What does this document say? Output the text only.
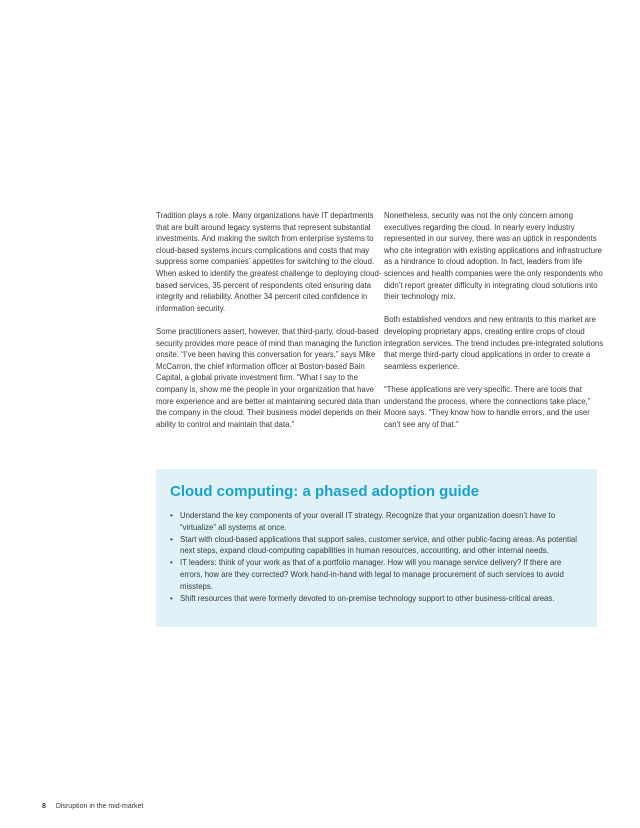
Tradition plays a role. Many organizations have IT departments that are built around legacy systems that represent substantial investments. And making the switch from enterprise systems to cloud-based systems incurs complications and costs that may suppress some companies’ appetites for switching to the cloud. When asked to identify the greatest challenge to deploying cloud-based services, 35 percent of respondents cited ensuring data integrity and reliability. Another 34 percent cited confidence in information security.

Some practitioners assert, however, that third-party, cloud-based security provides more peace of mind than managing the function onsite. “I’ve been having this conversation for years,” says Mike McCarron, the chief information officer at Boston-based Bain Capital, a global private investment firm. “What I say to the company is, show me the people in your organization that have more experience and are better at maintaining secured data than the company in the cloud. Their business model depends on their ability to control and maintain that data.”

Nonetheless, security was not the only concern among executives regarding the cloud. In nearly every industry represented in our survey, there was an uptick in respondents who cite integration with existing applications and infrastructure as a hindrance to cloud adoption. In fact, leaders from life sciences and health companies were the only respondents who didn’t report greater difficulty in integrating cloud solutions into their technology mix.

Both established vendors and new entrants to this market are developing proprietary apps, creating entire crops of cloud integration services. The trend includes pre-integrated solutions that merge third-party cloud applications in order to create a seamless experience.

“These applications are very specific. There are tools that understand the process, where the connections take place,” Moore says. “They know how to handle errors, and the user can’t see any of that.”

Cloud computing: a phased adoption guide
• Understand the key components of your overall IT strategy. Recognize that your organization doesn’t have to “virtualize” all systems at once.
• Start with cloud-based applications that support sales, customer service, and other public-facing areas. As potential next steps, expand cloud-computing capabilities in human resources, accounting, and other internal needs.
• IT leaders: think of your work as that of a portfolio manager. How will you manage service delivery? If there are errors, how are they corrected? Work hand-in-hand with legal to manage procurement of such services to avoid missteps.
• Shift resources that were formerly devoted to on-premise technology support to other business-critical areas.
8 Disruption in the mid-market
